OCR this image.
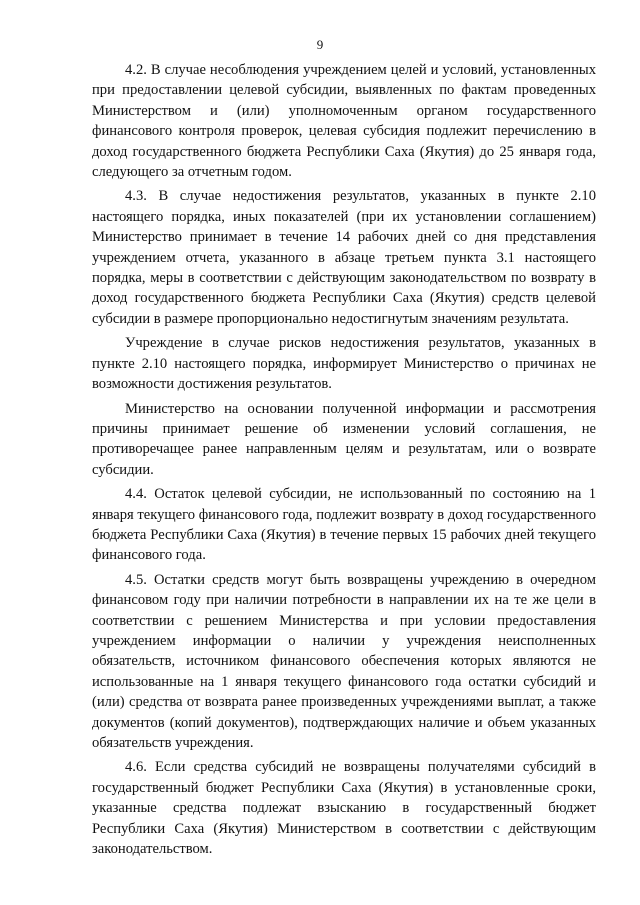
9

4.2. В случае несоблюдения учреждением целей и условий, установленных при предоставлении целевой субсидии, выявленных по фактам проведенных Министерством и (или) уполномоченным органом государственного финансового контроля проверок, целевая субсидия подлежит перечислению в доход государственного бюджета Республики Саха (Якутия) до 25 января года, следующего за отчетным годом.

4.3. В случае недостижения результатов, указанных в пункте 2.10 настоящего порядка, иных показателей (при их установлении соглашением) Министерство принимает в течение 14 рабочих дней со дня представления учреждением отчета, указанного в абзаце третьем пункта 3.1 настоящего порядка, меры в соответствии с действующим законодательством по возврату в доход государственного бюджета Республики Саха (Якутия) средств целевой субсидии в размере пропорционально недостигнутым значениям результата.

Учреждение в случае рисков недостижения результатов, указанных в пункте 2.10 настоящего порядка, информирует Министерство о причинах не возможности достижения результатов.

Министерство на основании полученной информации и рассмотрения причины принимает решение об изменении условий соглашения, не противоречащее ранее направленным целям и результатам, или о возврате субсидии.

4.4. Остаток целевой субсидии, не использованный по состоянию на 1 января текущего финансового года, подлежит возврату в доход государственного бюджета Республики Саха (Якутия) в течение первых 15 рабочих дней текущего финансового года.

4.5. Остатки средств могут быть возвращены учреждению в очередном финансовом году при наличии потребности в направлении их на те же цели в соответствии с решением Министерства и при условии предоставления учреждением информации о наличии у учреждения неисполненных обязательств, источником финансового обеспечения которых являются не использованные на 1 января текущего финансового года остатки субсидий и (или) средства от возврата ранее произведенных учреждениями выплат, а также документов (копий документов), подтверждающих наличие и объем указанных обязательств учреждения.

4.6. Если средства субсидий не возвращены получателями субсидий в государственный бюджет Республики Саха (Якутия) в установленные сроки, указанные средства подлежат взысканию в государственный бюджет Республики Саха (Якутия) Министерством в соответствии с действующим законодательством.
